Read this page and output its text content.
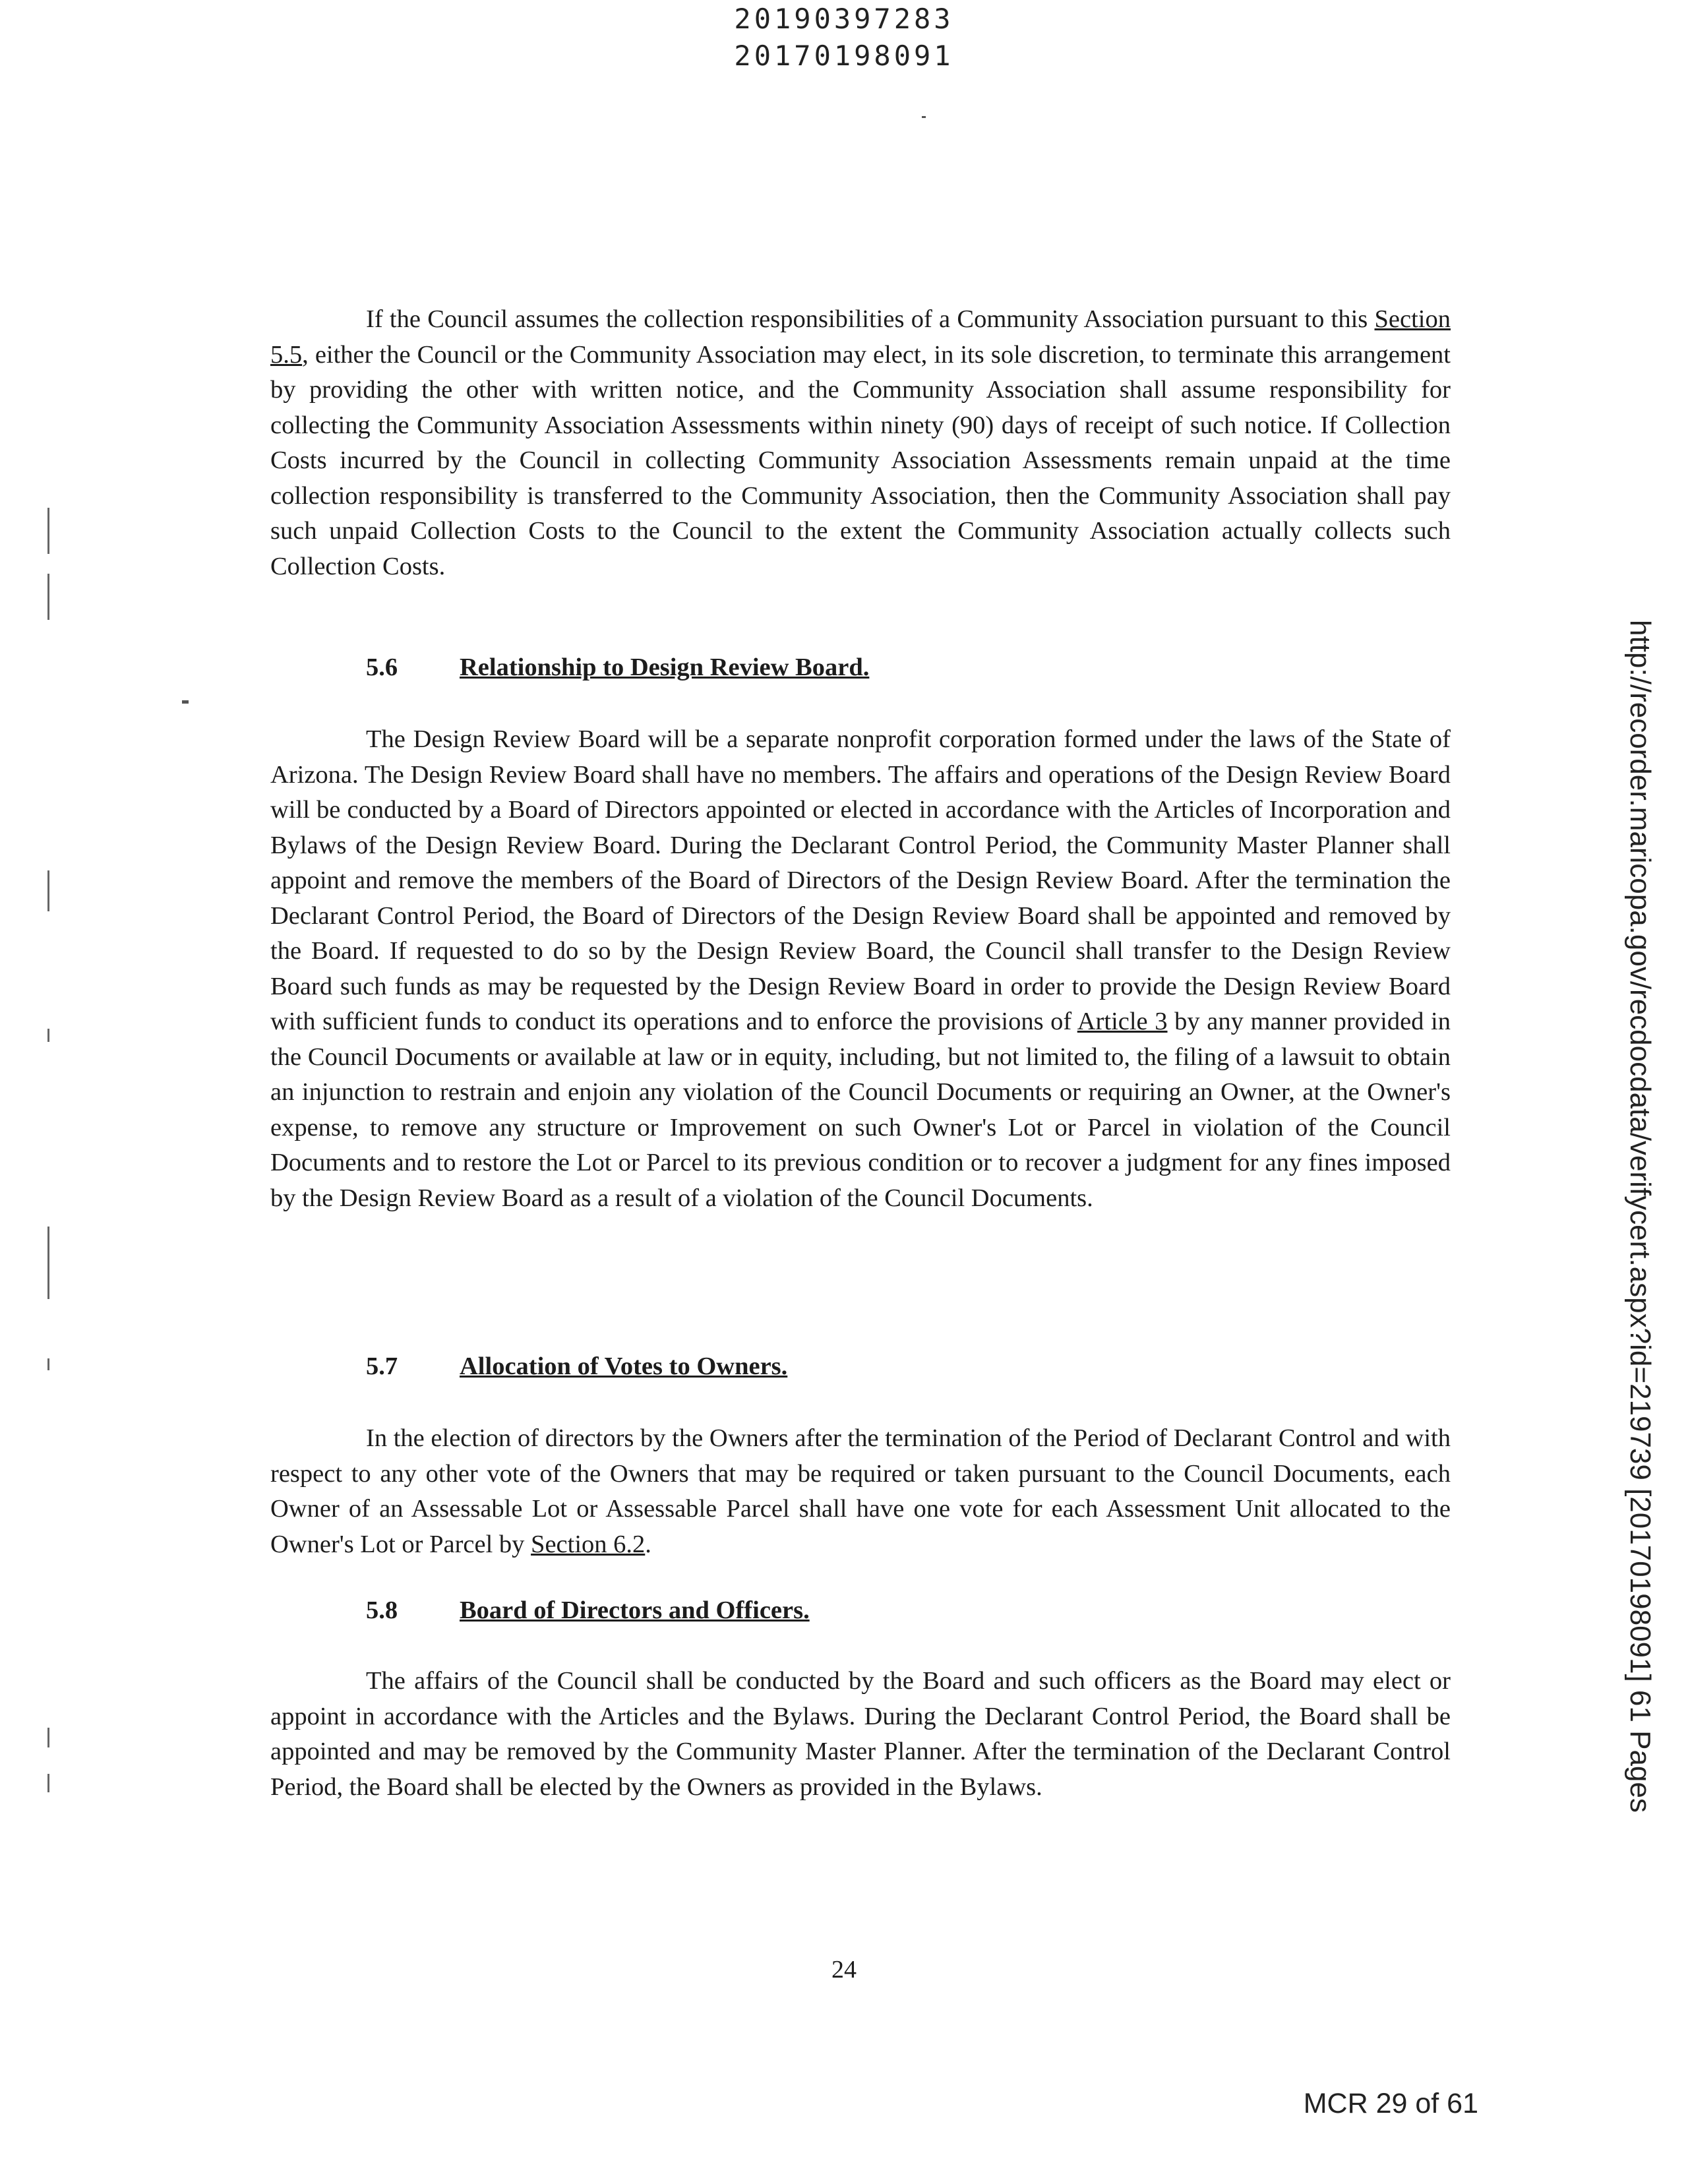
20190397283
20170198091

If the Council assumes the collection responsibilities of a Community Association pursuant to this Section 5.5, either the Council or the Community Association may elect, in its sole discretion, to terminate this arrangement by providing the other with written notice, and the Community Association shall assume responsibility for collecting the Community Association Assessments within ninety (90) days of receipt of such notice. If Collection Costs incurred by the Council in collecting Community Association Assessments remain unpaid at the time collection responsibility is transferred to the Community Association, then the Community Association shall pay such unpaid Collection Costs to the Council to the extent the Community Association actually collects such Collection Costs.

5.6 Relationship to Design Review Board.

The Design Review Board will be a separate nonprofit corporation formed under the laws of the State of Arizona. The Design Review Board shall have no members. The affairs and operations of the Design Review Board will be conducted by a Board of Directors appointed or elected in accordance with the Articles of Incorporation and Bylaws of the Design Review Board. During the Declarant Control Period, the Community Master Planner shall appoint and remove the members of the Board of Directors of the Design Review Board. After the termination the Declarant Control Period, the Board of Directors of the Design Review Board shall be appointed and removed by the Board. If requested to do so by the Design Review Board, the Council shall transfer to the Design Review Board such funds as may be requested by the Design Review Board in order to provide the Design Review Board with sufficient funds to conduct its operations and to enforce the provisions of Article 3 by any manner provided in the Council Documents or available at law or in equity, including, but not limited to, the filing of a lawsuit to obtain an injunction to restrain and enjoin any violation of the Council Documents or requiring an Owner, at the Owner's expense, to remove any structure or Improvement on such Owner's Lot or Parcel in violation of the Council Documents and to restore the Lot or Parcel to its previous condition or to recover a judgment for any fines imposed by the Design Review Board as a result of a violation of the Council Documents.

5.7 Allocation of Votes to Owners.

In the election of directors by the Owners after the termination of the Period of Declarant Control and with respect to any other vote of the Owners that may be required or taken pursuant to the Council Documents, each Owner of an Assessable Lot or Assessable Parcel shall have one vote for each Assessment Unit allocated to the Owner's Lot or Parcel by Section 6.2.

5.8 Board of Directors and Officers.

The affairs of the Council shall be conducted by the Board and such officers as the Board may elect or appoint in accordance with the Articles and the Bylaws. During the Declarant Control Period, the Board shall be appointed and may be removed by the Community Master Planner. After the termination of the Declarant Control Period, the Board shall be elected by the Owners as provided in the Bylaws.

24
http://recorder.maricopa.gov/recdocdata/verifycert.aspx?id=219739 [20170198091] 61 Pages
MCR 29 of 61
